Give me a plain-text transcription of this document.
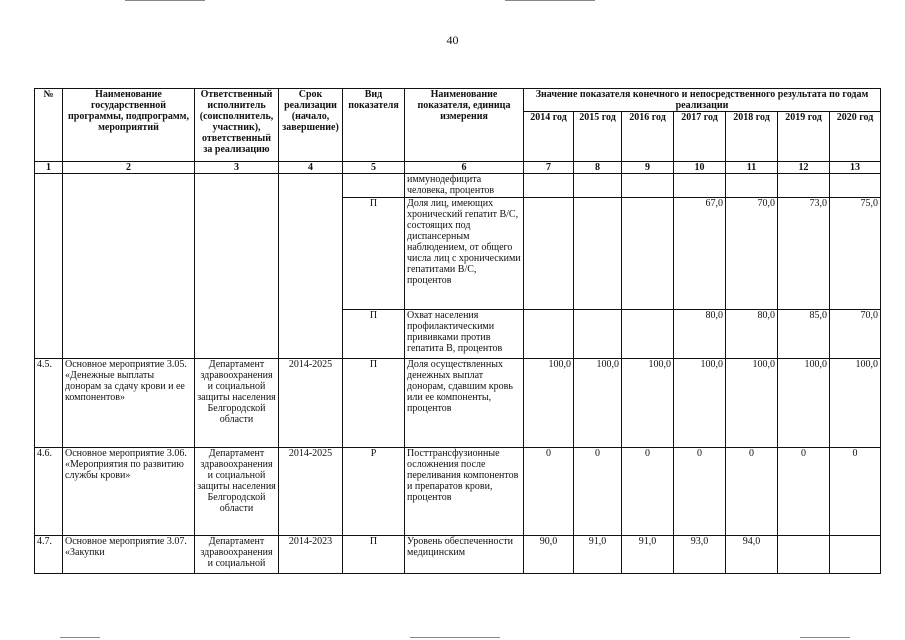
40
№	Наименование государственной программы, подпрограмм, мероприятий	Ответственный исполнитель (соисполнитель, участник), ответственный за реализацию	Срок реализации (начало, завершение)	Вид показателя	Наименование показателя, единица измерения	Значение показателя конечного и непосредственного результата по годам реализации						
						2014 год	2015 год	2016 год	2017 год	2018 год	2019 год	2020 год
1	2	3	4	5	6	7	8	9	10	11	12	13
					иммунодефицита человека, процентов							
				П	Доля лиц, имеющих хронический гепатит В/С, состоящих под диспансерным наблюдением, от общего числа лиц с хроническими гепатитами В/С, процентов				67,0	70,0	73,0	75,0
				П	Охват населения профилактическими прививками против гепатита В, процентов				80,0	80,0	85,0	70,0
4.5.	Основное мероприятие 3.05. «Денежные выплаты донорам за сдачу крови и ее компонентов»	Департамент здравоохранения и социальной защиты населения Белгородской области	2014-2025	П	Доля осуществленных денежных выплат донорам, сдавшим кровь или ее компоненты, процентов	100,0	100,0	100,0	100,0	100,0	100,0	100,0
4.6.	Основное мероприятие 3.06. «Мероприятия по развитию службы крови»	Департамент здравоохранения и социальной защиты населения Белгородской области	2014-2025	Р	Посттрансфузионные осложнения после переливания компонентов и препаратов крови, процентов	0	0	0	0	0	0	0
4.7.	Основное мероприятие 3.07. «Закупки	Департамент здравоохранения и социальной	2014-2023	П	Уровень обеспеченности медицинским	90,0	91,0	91,0	93,0	94,0		
